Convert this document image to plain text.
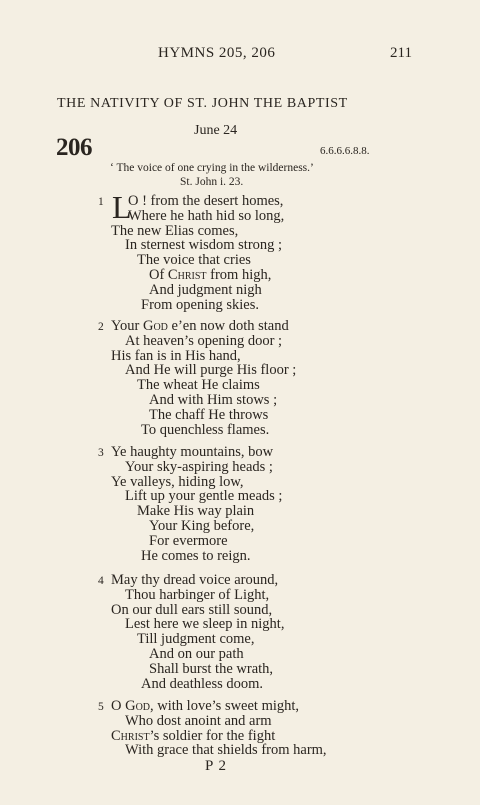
HYMNS 205, 206	211
THE NATIVITY OF ST. JOHN THE BAPTIST
June 24
206	6.6.6.6.8.8.
‘ The voice of one crying in the wilderness.’
St. John i. 23.
1 L
O ! from the desert homes,
Where he hath hid so long,
The new Elias comes,
In sternest wisdom strong ;
The voice that cries
Of Christ from high,
And judgment nigh
From opening skies.
2 Your God e’en now doth stand
At heaven’s opening door ;
His fan is in His hand,
And He will purge His floor ;
The wheat He claims
And with Him stows ;
The chaff He throws
To quenchless flames.
3 Ye haughty mountains, bow
Your sky-aspiring heads ;
Ye valleys, hiding low,
Lift up your gentle meads ;
Make His way plain
Your King before,
For evermore
He comes to reign.
4 May thy dread voice around,
Thou harbinger of Light,
On our dull ears still sound,
Lest here we sleep in night,
Till judgment come,
And on our path
Shall burst the wrath,
And deathless doom.
5 O God, with love’s sweet might,
Who dost anoint and arm
Christ’s soldier for the fight
With grace that shields from harm,
P 2
